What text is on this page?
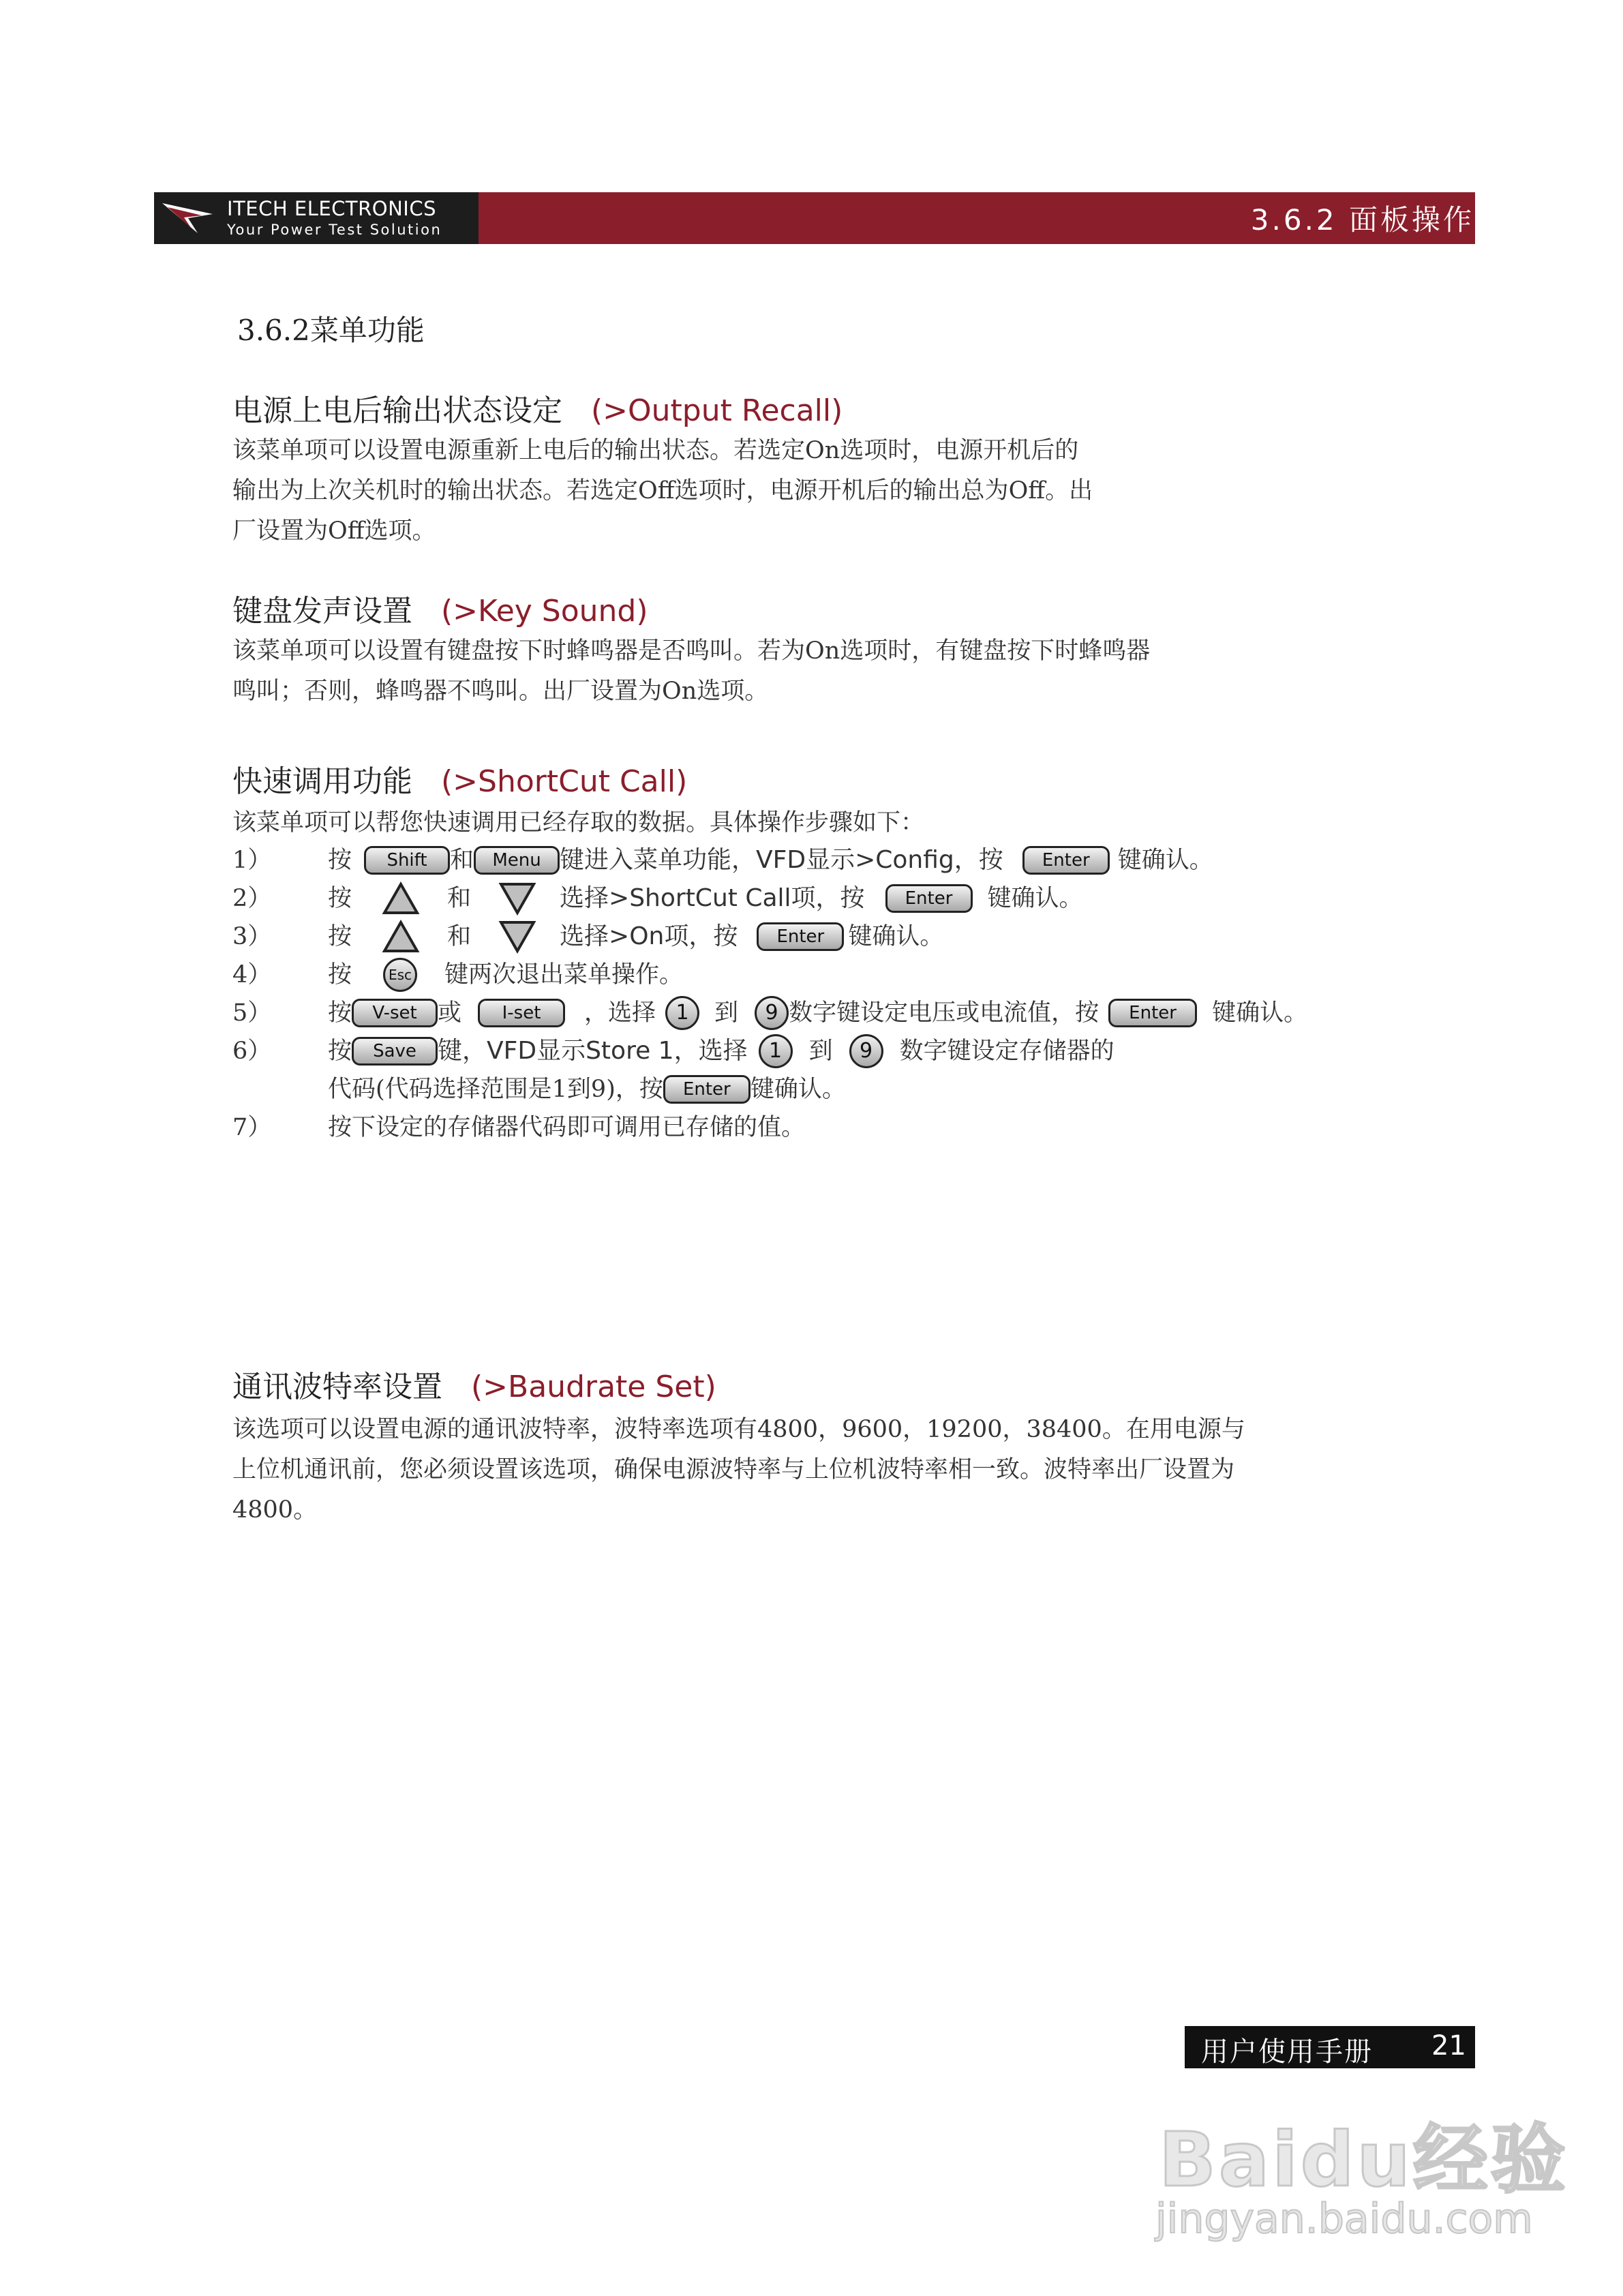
ITECH ELECTRONICS
Your Power Test Solution	3.6.2 面板操作
3.6.2菜单功能
电源上电后输出状态设定 (>Output Recall)
该菜单项可以设置电源重新上电后的输出状态。若选定On选项时，电源开机后的
输出为上次关机时的输出状态。若选定Off选项时，电源开机后的输出总为Off。出
厂设置为Off选项。
键盘发声设置 (>Key Sound)
该菜单项可以设置有键盘按下时蜂鸣器是否鸣叫。若为On选项时，有键盘按下时蜂鸣器
鸣叫；否则，蜂鸣器不鸣叫。出厂设置为On选项。
快速调用功能 (>ShortCut Call)
该菜单项可以帮您快速调用已经存取的数据。具体操作步骤如下：
1） 按	Shift 和	Menu 键进入菜单功能，VFD显示>Config，按	Enter	键确认。
2） 按	和	选择>ShortCut Call项，按	Enter	键确认。
3） 按	和	选择>On项，按	Enter	键确认。
4） 按	Esc 键两次退出菜单操作。
5） 按	V-set 或	I-set	，选择 1	到	9 数字键设定电压或电流值，按	Enter	键确认。
6） 按	Save 键，VFD显示Store 1，选择	1	到	9	数字键设定存储器的
代码(代码选择范围是1到9)，按	Enter 键确认。
7） 按下设定的存储器代码即可调用已存储的值。
通讯波特率设置 (>Baudrate Set)
该选项可以设置电源的通讯波特率，波特率选项有4800，9600，19200，38400。在用电源与
上位机通讯前，您必须设置该选项，确保电源波特率与上位机波特率相一致。波特率出厂设置为
4800。
用户使用手册 21
Baidu经验
jingyan.baidu.com
